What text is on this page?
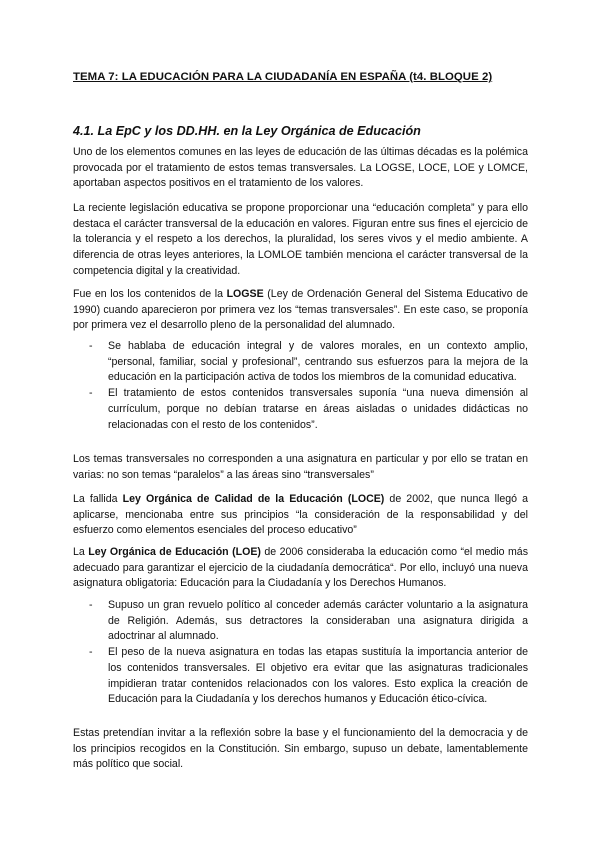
TEMA 7: LA EDUCACIÓN PARA LA CIUDADANÍA EN ESPAÑA (t4. BLOQUE 2)
4.1. La EpC y los DD.HH. en la Ley Orgánica de Educación

Uno de los elementos comunes en las leyes de educación de las últimas décadas es la polémica provocada por el tratamiento de estos temas transversales. La LOGSE, LOCE, LOE y LOMCE, aportaban aspectos positivos en el tratamiento de los valores.

La reciente legislación educativa se propone proporcionar una “educación completa” y para ello destaca el carácter transversal de la educación en valores. Figuran entre sus fines el ejercicio de la tolerancia y el respeto a los derechos, la pluralidad, los seres vivos y el medio ambiente. A diferencia de otras leyes anteriores, la LOMLOE también menciona el carácter transversal de la competencia digital y la creatividad.

Fue en los los contenidos de la LOGSE (Ley de Ordenación General del Sistema Educativo de 1990) cuando aparecieron por primera vez los “temas transversales”. En este caso, se proponía por primera vez el desarrollo pleno de la personalidad del alumnado.

- Se hablaba de educación integral y de valores morales, en un contexto amplio, “personal, familiar, social y profesional”, centrando sus esfuerzos para la mejora de la educación en la participación activa de todos los miembros de la comunidad educativa.
- El tratamiento de estos contenidos transversales suponía “una nueva dimensión al currículum, porque no debían tratarse en áreas aisladas o unidades didácticas no relacionadas con el resto de los contenidos”.

Los temas transversales no corresponden a una asignatura en particular y por ello se tratan en varias: no son temas “paralelos” a las áreas sino “transversales”

La fallida Ley Orgánica de Calidad de la Educación (LOCE) de 2002, que nunca llegó a aplicarse, mencionaba entre sus principios “la consideración de la responsabilidad y del esfuerzo como elementos esenciales del proceso educativo”

La Ley Orgánica de Educación (LOE) de 2006 consideraba la educación como “el medio más adecuado para garantizar el ejercicio de la ciudadanía democrática“. Por ello, incluyó una nueva asignatura obligatoria: Educación para la Ciudadanía y los Derechos Humanos.

- Supuso un gran revuelo político al conceder además carácter voluntario a la asignatura de Religión. Además, sus detractores la consideraban una asignatura dirigida a adoctrinar al alumnado.
- El peso de la nueva asignatura en todas las etapas sustituía la importancia anterior de los contenidos transversales. El objetivo era evitar que las asignaturas tradicionales impidieran tratar contenidos relacionados con los valores. Esto explica la creación de Educación para la Ciudadanía y los derechos humanos y Educación ético-cívica.

Estas pretendían invitar a la reflexión sobre la base y el funcionamiento del la democracia y de los principios recogidos en la Constitución. Sin embargo, supuso un debate, lamentablemente más político que social.
